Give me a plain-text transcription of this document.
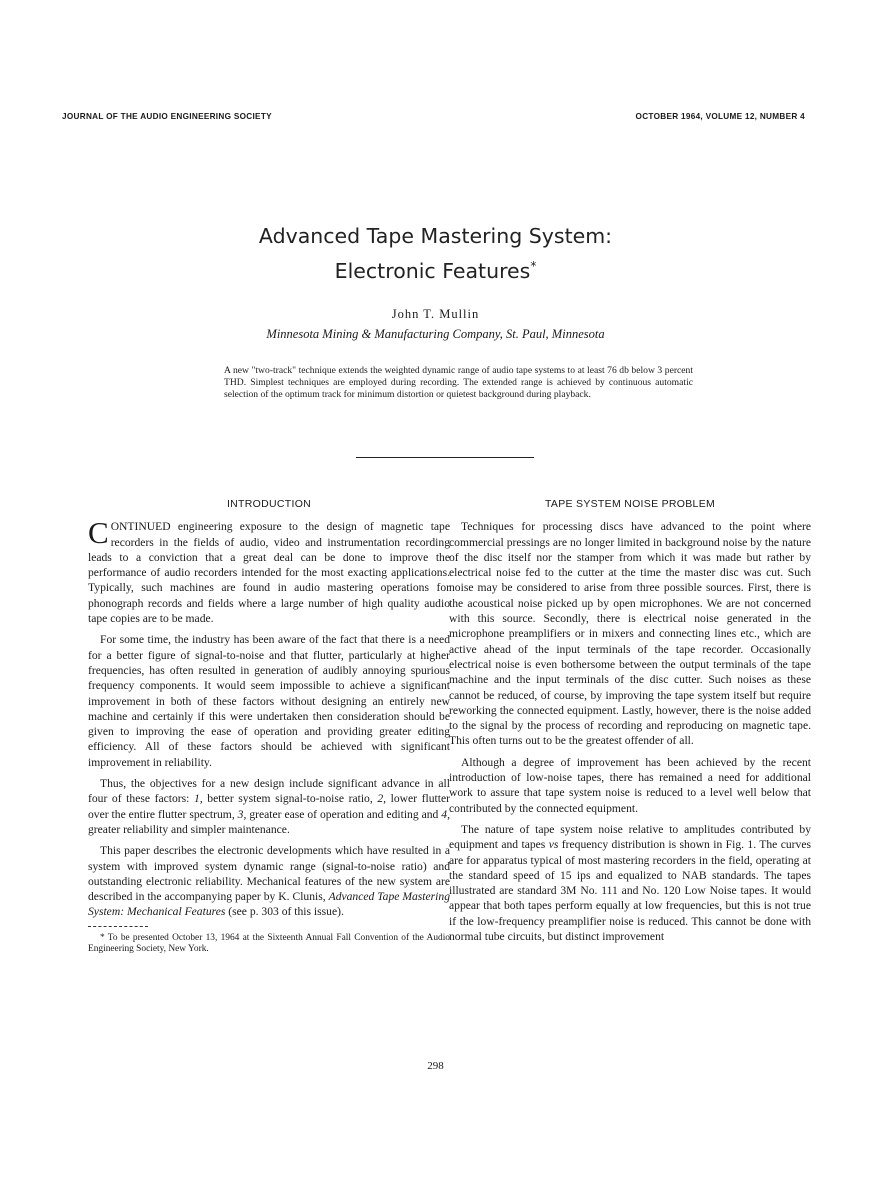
JOURNAL OF THE AUDIO ENGINEERING SOCIETY	OCTOBER 1964, VOLUME 12, NUMBER 4
Advanced Tape Mastering System:
Electronic Features*
John T. Mullin
Minnesota Mining & Manufacturing Company, St. Paul, Minnesota
A new "two-track" technique extends the weighted dynamic range of audio tape systems to at least 76 db below 3 percent THD. Simplest techniques are employed during recording. The extended range is achieved by continuous automatic selection of the optimum track for minimum distortion or quietest background during playback.
INTRODUCTION

CONTINUED engineering exposure to the design of magnetic tape recorders in the fields of audio, video and instrumentation recording leads to a conviction that a great deal can be done to improve the performance of audio recorders intended for the most exacting applications. Typically, such machines are found in audio mastering operations for phonograph records and fields where a large number of high quality audio tape copies are to be made.

For some time, the industry has been aware of the fact that there is a need for a better figure of signal-to-noise and that flutter, particularly at higher frequencies, has often resulted in generation of audibly annoying spurious frequency components. It would seem impossible to achieve a significant improvement in both of these factors without designing an entirely new machine and certainly if this were undertaken then consideration should be given to improving the ease of operation and providing greater editing efficiency. All of these factors should be achieved with significant improvement in reliability.

Thus, the objectives for a new design include significant advance in all four of these factors: 1, better system signal-to-noise ratio, 2, lower flutter over the entire flutter spectrum, 3, greater ease of operation and editing and 4, greater reliability and simpler maintenance.

This paper describes the electronic developments which have resulted in a system with improved system dynamic range (signal-to-noise ratio) and outstanding electronic reliability. Mechanical features of the new system are described in the accompanying paper by K. Clunis, Advanced Tape Mastering System: Mechanical Features (see p. 303 of this issue).

* To be presented October 13, 1964 at the Sixteenth Annual Fall Convention of the Audio Engineering Society, New York.

TAPE SYSTEM NOISE PROBLEM

Techniques for processing discs have advanced to the point where commercial pressings are no longer limited in background noise by the nature of the disc itself nor the stamper from which it was made but rather by electrical noise fed to the cutter at the time the master disc was cut. Such noise may be considered to arise from three possible sources. First, there is the acoustical noise picked up by open microphones. We are not concerned with this source. Secondly, there is electrical noise generated in the microphone preamplifiers or in mixers and connecting lines etc., which are active ahead of the input terminals of the tape recorder. Occasionally electrical noise is even bothersome between the output terminals of the tape machine and the input terminals of the disc cutter. Such noises as these cannot be reduced, of course, by improving the tape system itself but require reworking the connected equipment. Lastly, however, there is the noise added to the signal by the process of recording and reproducing on magnetic tape. This often turns out to be the greatest offender of all.

Although a degree of improvement has been achieved by the recent introduction of low-noise tapes, there has remained a need for additional work to assure that tape system noise is reduced to a level well below that contributed by the connected equipment.

The nature of tape system noise relative to amplitudes contributed by equipment and tapes vs frequency distribution is shown in Fig. 1. The curves are for apparatus typical of most mastering recorders in the field, operating at the standard speed of 15 ips and equalized to NAB standards. The tapes illustrated are standard 3M No. 111 and No. 120 Low Noise tapes. It would appear that both tapes perform equally at low frequencies, but this is not true if the low-frequency preamplifier noise is reduced. This cannot be done with normal tube circuits, but distinct improvement

298
